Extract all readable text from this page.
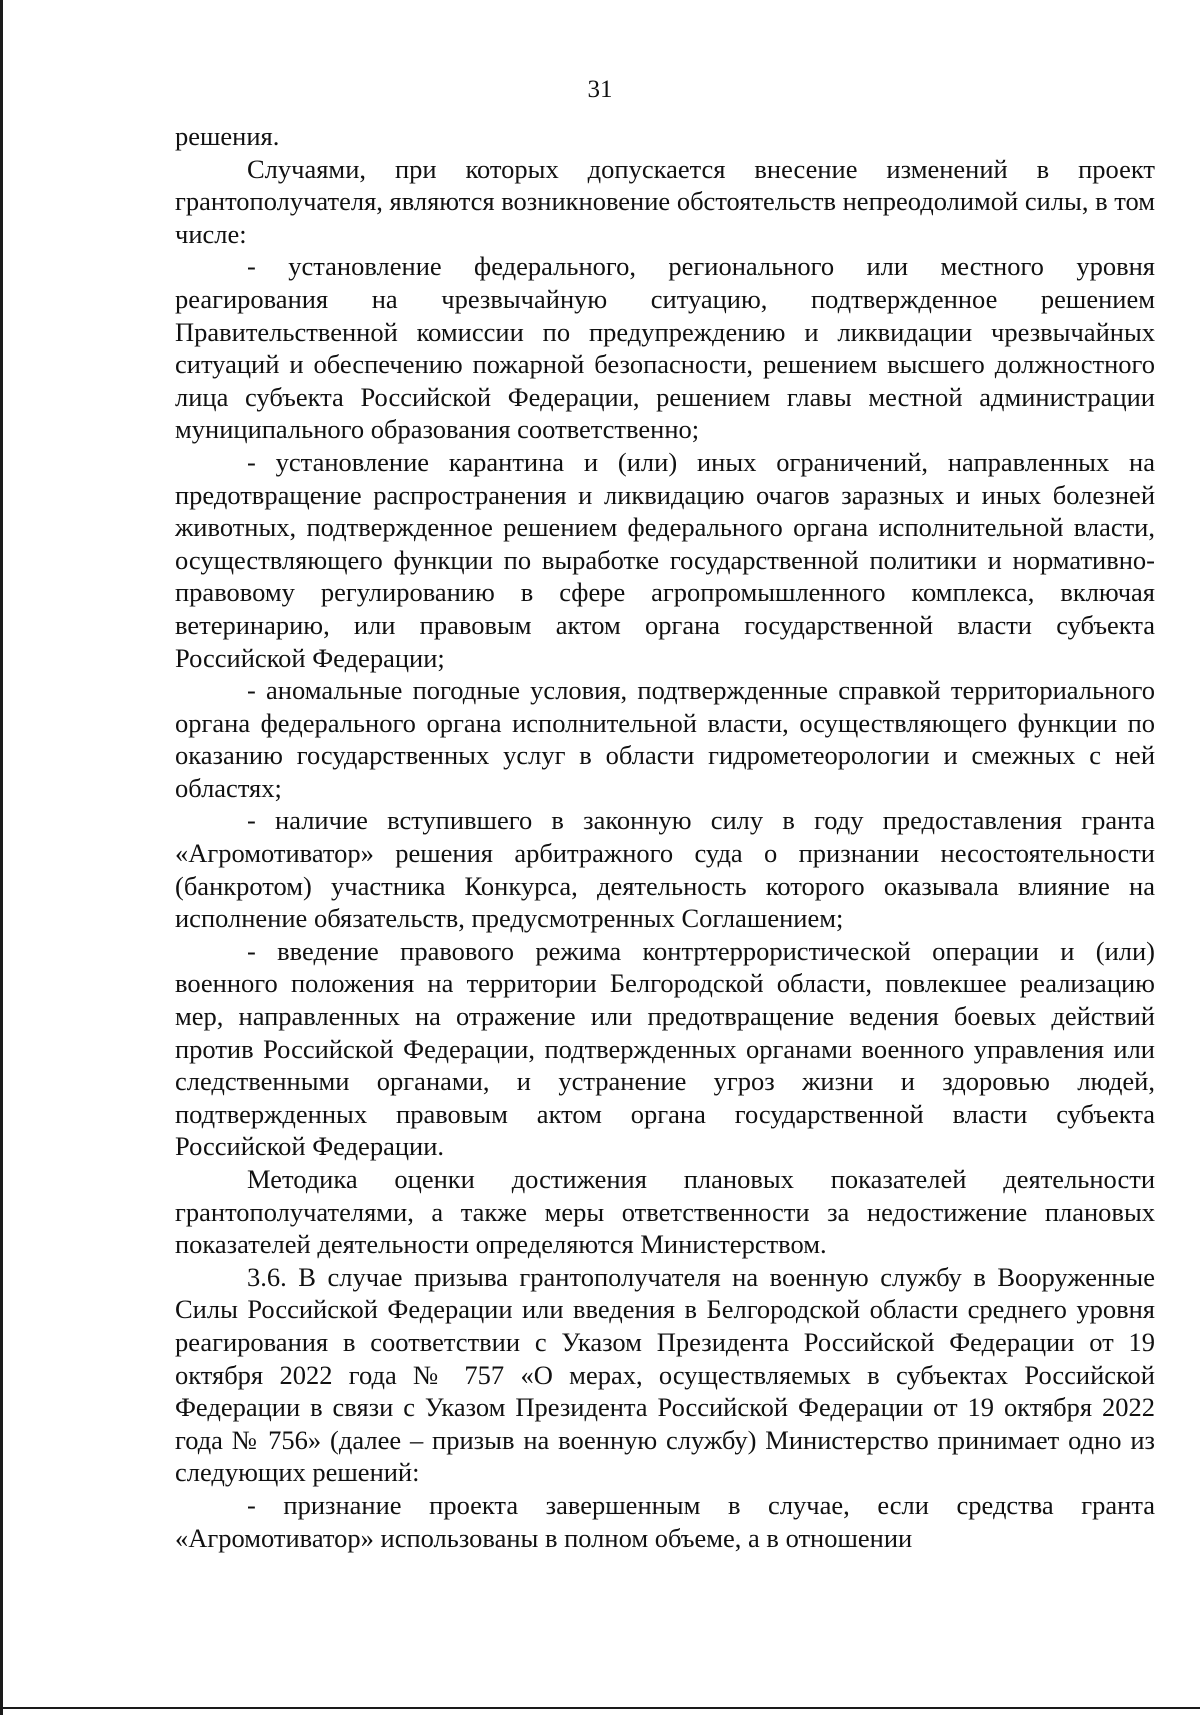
31

решения.

Случаями, при которых допускается внесение изменений в проект грантополучателя, являются возникновение обстоятельств непреодолимой силы, в том числе:

- установление федерального, регионального или местного уровня реагирования на чрезвычайную ситуацию, подтвержденное решением Правительственной комиссии по предупреждению и ликвидации чрезвычайных ситуаций и обеспечению пожарной безопасности, решением высшего должностного лица субъекта Российской Федерации, решением главы местной администрации муниципального образования соответственно;

- установление карантина и (или) иных ограничений, направленных на предотвращение распространения и ликвидацию очагов заразных и иных болезней животных, подтвержденное решением федерального органа исполнительной власти, осуществляющего функции по выработке государственной политики и нормативно-правовому регулированию в сфере агропромышленного комплекса, включая ветеринарию, или правовым актом органа государственной власти субъекта Российской Федерации;

- аномальные погодные условия, подтвержденные справкой территориального органа федерального органа исполнительной власти, осуществляющего функции по оказанию государственных услуг в области гидрометеорологии и смежных с ней областях;

- наличие вступившего в законную силу в году предоставления гранта «Агромотиватор» решения арбитражного суда о признании несостоятельности (банкротом) участника Конкурса, деятельность которого оказывала влияние на исполнение обязательств, предусмотренных Соглашением;

- введение правового режима контртеррористической операции и (или) военного положения на территории Белгородской области, повлекшее реализацию мер, направленных на отражение или предотвращение ведения боевых действий против Российской Федерации, подтвержденных органами военного управления или следственными органами, и устранение угроз жизни и здоровью людей, подтвержденных правовым актом органа государственной власти субъекта Российской Федерации.

Методика оценки достижения плановых показателей деятельности грантополучателями, а также меры ответственности за недостижение плановых показателей деятельности определяются Министерством.

3.6. В случае призыва грантополучателя на военную службу в Вооруженные Силы Российской Федерации или введения в Белгородской области среднего уровня реагирования в соответствии с Указом Президента Российской Федерации от 19 октября 2022 года № 757 «О мерах, осуществляемых в субъектах Российской Федерации в связи с Указом Президента Российской Федерации от 19 октября 2022 года № 756» (далее – призыв на военную службу) Министерство принимает одно из следующих решений:

- признание проекта завершенным в случае, если средства гранта «Агромотиватор» использованы в полном объеме, а в отношении
